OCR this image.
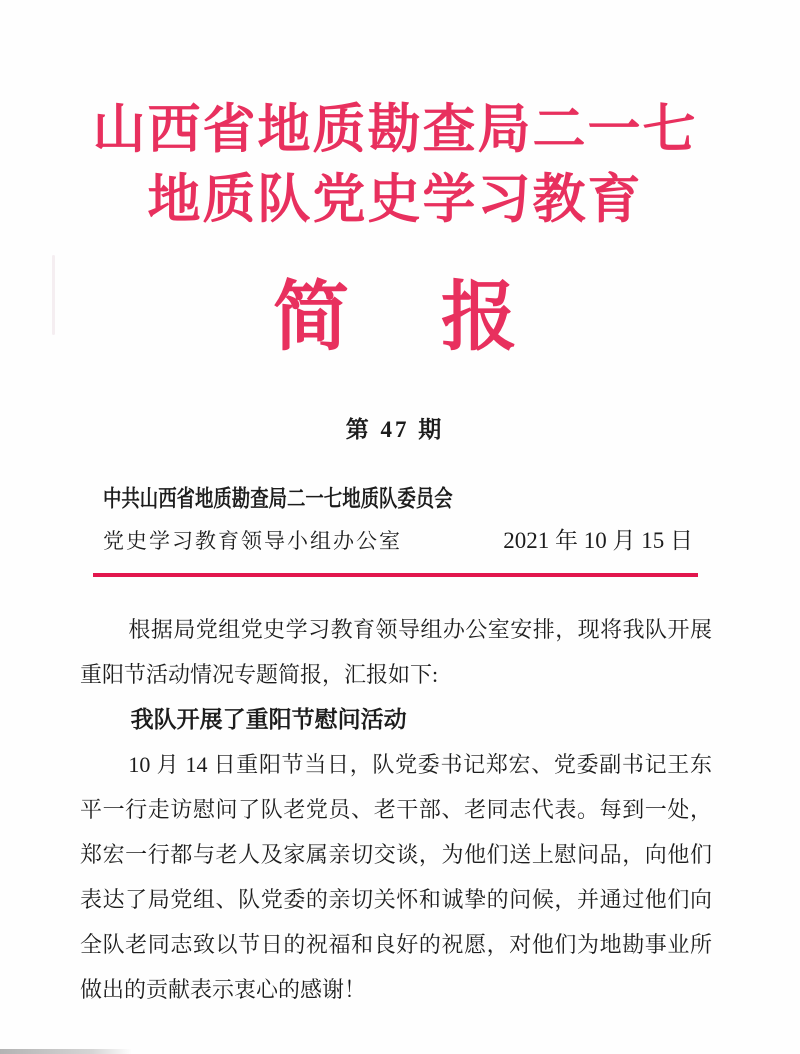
山西省地质勘查局二一七
地质队党史学习教育
简 报
第 47 期
中共山西省地质勘查局二一七地质队委员会
党史学习教育领导小组办公室	2021 年 10 月 15 日
根据局党组党史学习教育领导组办公室安排，现将我队开展
重阳节活动情况专题简报，汇报如下:
我队开展了重阳节慰问活动
10 月 14 日重阳节当日，队党委书记郑宏、党委副书记王东
平一行走访慰问了队老党员、老干部、老同志代表。每到一处，
郑宏一行都与老人及家属亲切交谈，为他们送上慰问品，向他们
表达了局党组、队党委的亲切关怀和诚挚的问候，并通过他们向
全队老同志致以节日的祝福和良好的祝愿，对他们为地勘事业所
做出的贡献表示衷心的感谢！
